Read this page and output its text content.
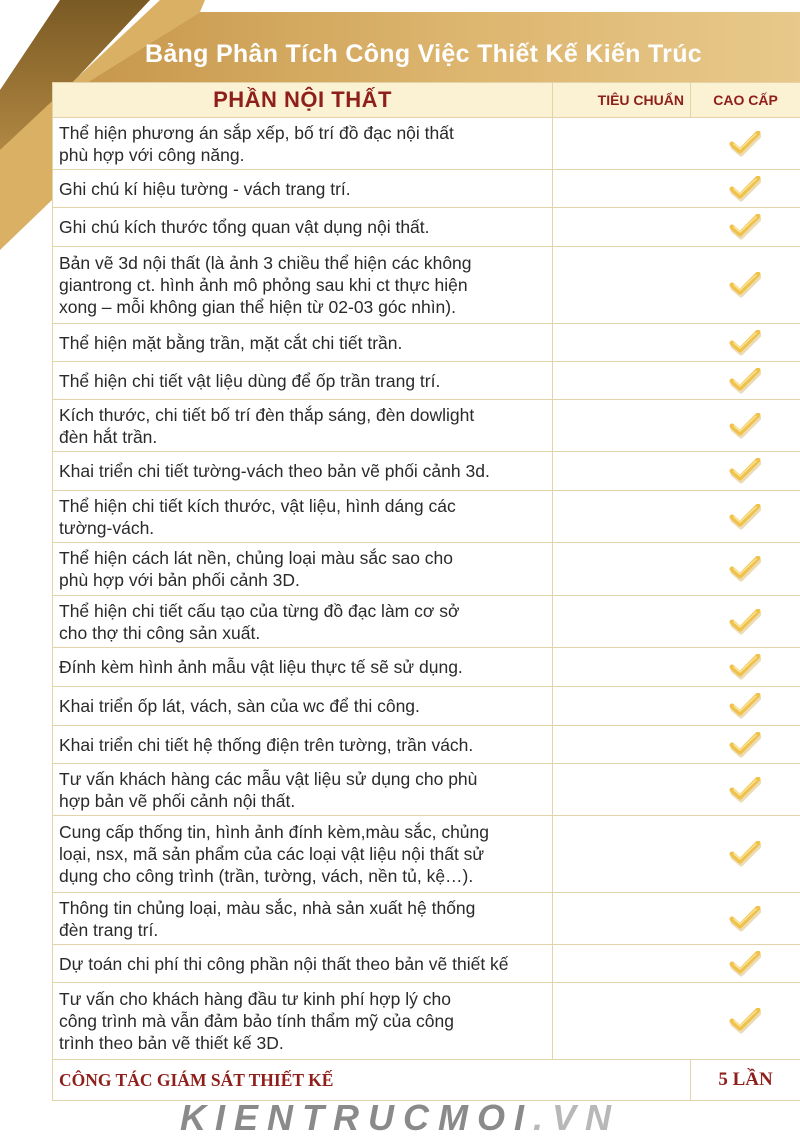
Bảng Phân Tích Công Việc Thiết Kế Kiến Trúc
PHẦN NỘI THẤT	TIÊU CHUẨN	CAO CẤP

Thể hiện phương án sắp xếp, bố trí đồ đạc nội thất
phù hợp với công năng.

Ghi chú kí hiệu tường - vách trang trí.

Ghi chú kích thước tổng quan vật dụng nội thất.

Bản vẽ 3d nội thất (là ảnh 3 chiều thể hiện các không
giantrong ct. hình ảnh mô phỏng sau khi ct thực hiện
xong – mỗi không gian thể hiện từ 02-03 góc nhìn).

Thể hiện mặt bằng trần, mặt cắt chi tiết trần.

Thể hiện chi tiết vật liệu dùng để ốp trần trang trí.

Kích thước, chi tiết bố trí đèn thắp sáng, đèn dowlight
đèn hắt trần.

Khai triển chi tiết tường-vách theo bản vẽ phối cảnh 3d.

Thể hiện chi tiết kích thước, vật liệu, hình dáng các
tường-vách.

Thể hiện cách lát nền, chủng loại màu sắc sao cho
phù hợp với bản phối cảnh 3D.

Thể hiện chi tiết cấu tạo của từng đồ đạc làm cơ sở
cho thợ thi công sản xuất.

Đính kèm hình ảnh mẫu vật liệu thực tế sẽ sử dụng.

Khai triển ốp lát, vách, sàn của wc để thi công.

Khai triển chi tiết hệ thống điện trên tường, trần vách.

Tư vấn khách hàng các mẫu vật liệu sử dụng cho phù
hợp bản vẽ phối cảnh nội thất.

Cung cấp thống tin, hình ảnh đính kèm,màu sắc, chủng
loại, nsx, mã sản phẩm của các loại vật liệu nội thất sử
dụng cho công trình (trần, tường, vách, nền tủ, kệ…).

Thông tin chủng loại, màu sắc, nhà sản xuất hệ thống
đèn trang trí.

Dự toán chi phí thi công phần nội thất theo bản vẽ thiết kế

Tư vấn cho khách hàng đầu tư kinh phí hợp lý cho
công trình mà vẫn đảm bảo tính thẩm mỹ của công
trình theo bản vẽ thiết kế 3D.

CÔNG TÁC GIÁM SÁT THIẾT KẾ		5 LẦN
KIENTRUCMOI.VN
